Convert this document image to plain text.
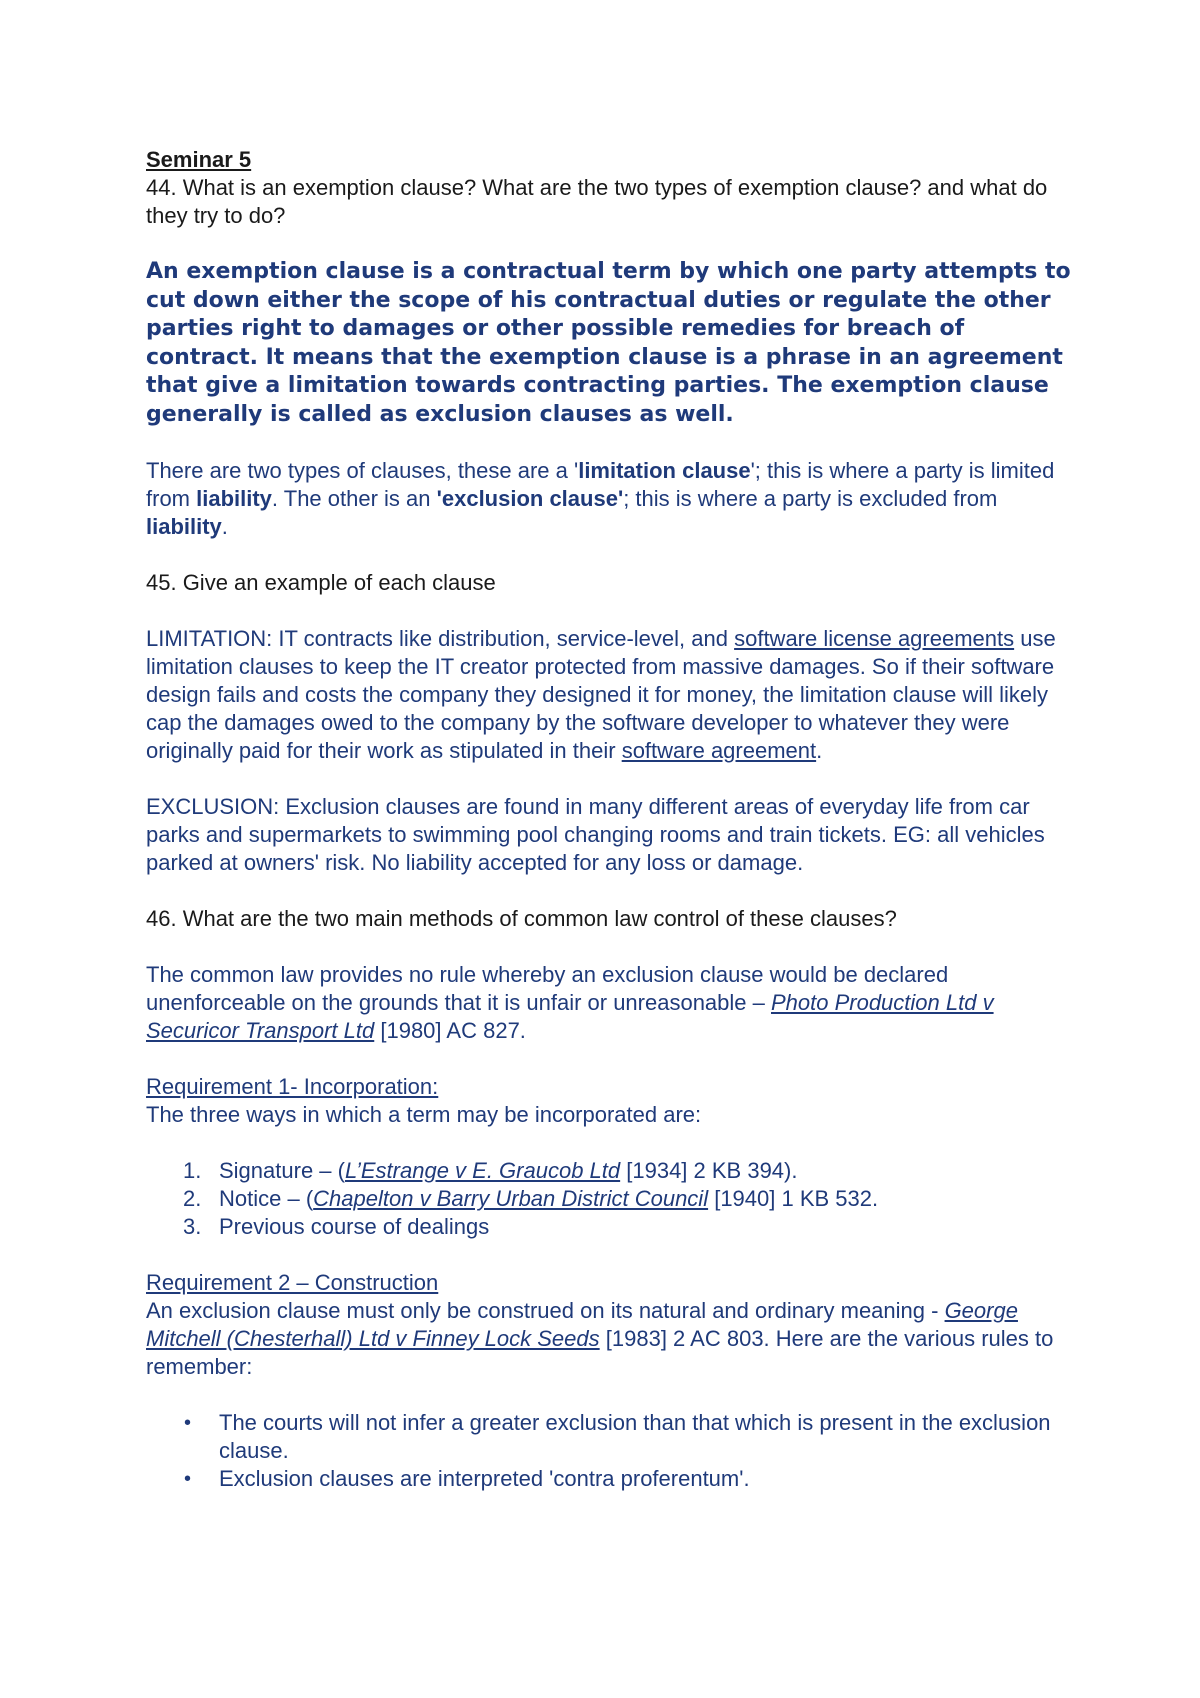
Seminar 5

44. What is an exemption clause? What are the two types of exemption clause? and what do they try to do?

An exemption clause is a contractual term by which one party attempts to cut down either the scope of his contractual duties or regulate the other parties right to damages or other possible remedies for breach of contract. It means that the exemption clause is a phrase in an agreement that give a limitation towards contracting parties. The exemption clause generally is called as exclusion clauses as well.

There are two types of clauses, these are a 'limitation clause'; this is where a party is limited from liability. The other is an 'exclusion clause'; this is where a party is excluded from liability.

45. Give an example of each clause

LIMITATION: IT contracts like distribution, service-level, and software license agreements use limitation clauses to keep the IT creator protected from massive damages. So if their software design fails and costs the company they designed it for money, the limitation clause will likely cap the damages owed to the company by the software developer to whatever they were originally paid for their work as stipulated in their software agreement.

EXCLUSION: Exclusion clauses are found in many different areas of everyday life from car parks and supermarkets to swimming pool changing rooms and train tickets. EG: all vehicles parked at owners' risk. No liability accepted for any loss or damage.

46. What are the two main methods of common law control of these clauses?

The common law provides no rule whereby an exclusion clause would be declared unenforceable on the grounds that it is unfair or unreasonable – Photo Production Ltd v Securicor Transport Ltd [1980] AC 827.

Requirement 1- Incorporation:

The three ways in which a term may be incorporated are:

1. Signature – (L’Estrange v E. Graucob Ltd [1934] 2 KB 394).
2. Notice – (Chapelton v Barry Urban District Council [1940] 1 KB 532.
3. Previous course of dealings

Requirement 2 – Construction

An exclusion clause must only be construed on its natural and ordinary meaning - George Mitchell (Chesterhall) Ltd v Finney Lock Seeds [1983] 2 AC 803. Here are the various rules to remember:

• The courts will not infer a greater exclusion than that which is present in the exclusion clause.
• Exclusion clauses are interpreted 'contra proferentum'.
